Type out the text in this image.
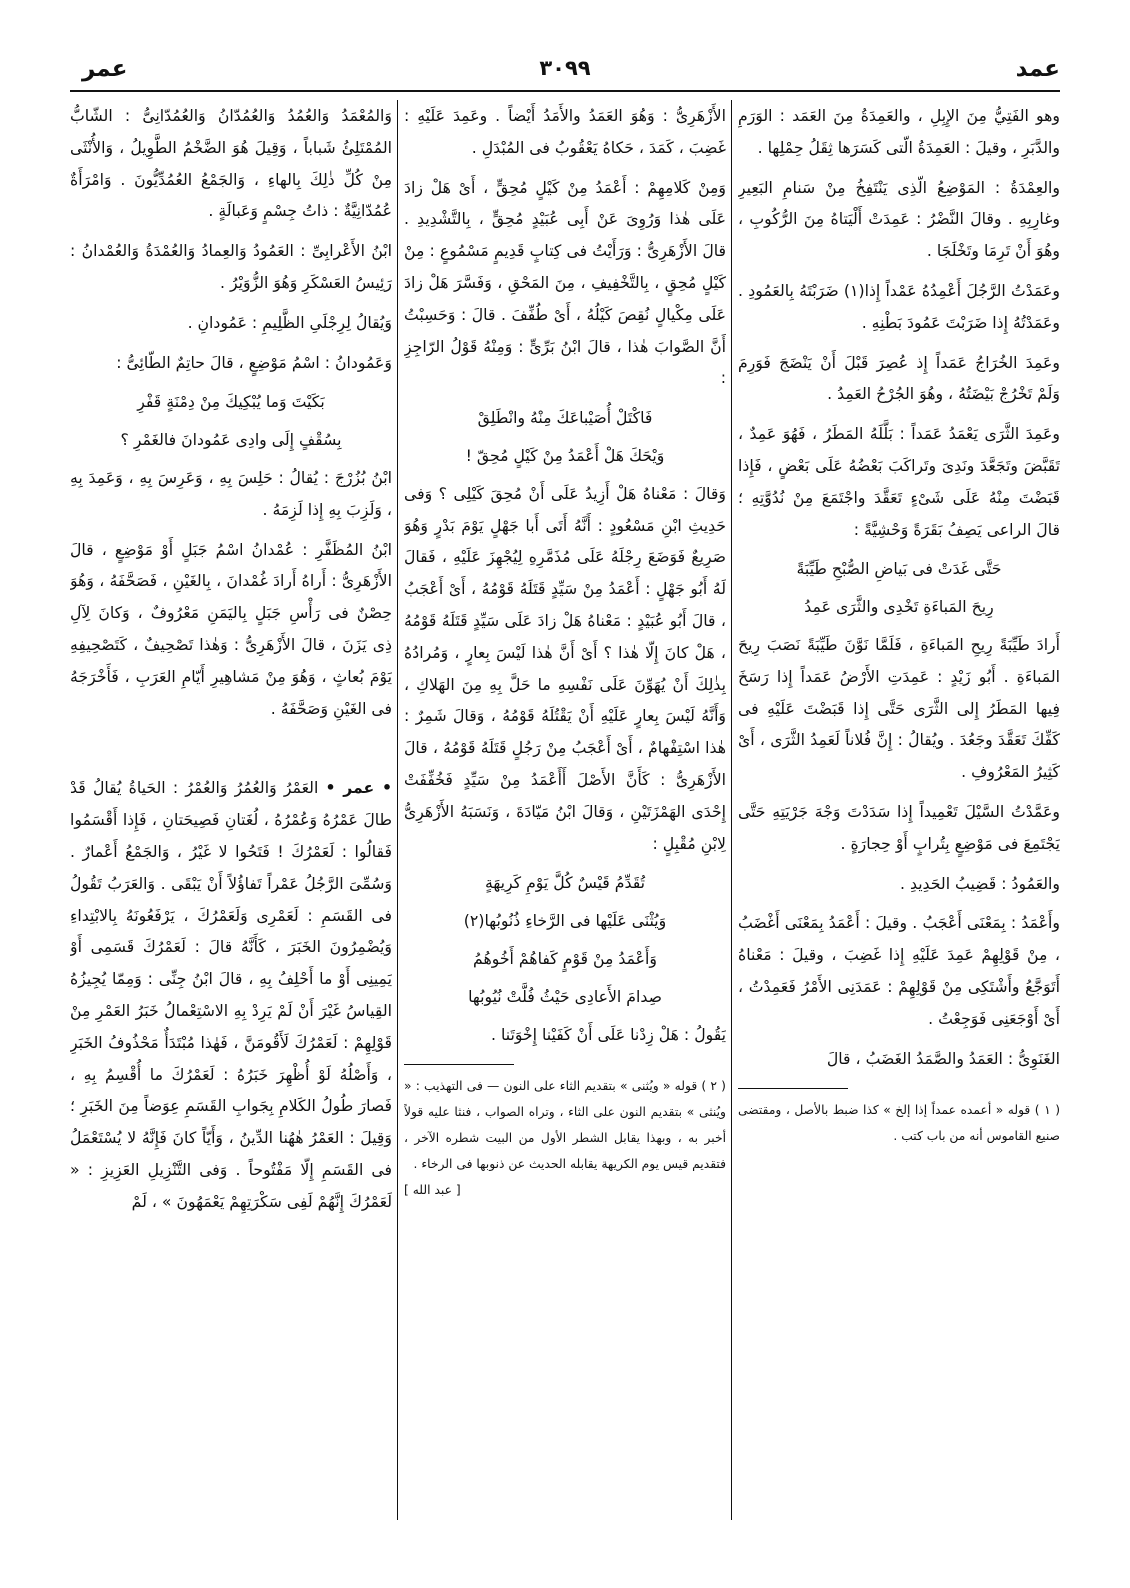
عمد
٣٠٩٩
عمر

وهو الفَتِيُّ مِنَ الإِبِلِ ، والعَمِدَةُ مِنَ العَمَد : الوَرَمِ والدَّبَرِ ، وقيلَ : العَمِدَةُ الّتى كَسَرَها ثِقَلُ حِمْلِها .

والعِمْدَةُ : المَوْضِعُ الّذِى يَنْتَفِخُ مِنْ سَنامِ البَعِيرِ وغارِبِهِ . وقالَ النَّضْرُ : عَمِدَتْ أَلْيَتاهُ مِنَ الرُّكُوبِ ، وهُوَ أَنْ تَرِمَا وتَخْلَجَا .

وعَمَدْتُ الرَّجُلَ أَعْمِدُهُ عَمْداً إِذا(١) ضَرَبْتَهُ بِالعَمُودِ . وعَمَدْتُهُ إِذا ضَرَبْتَ عَمُودَ بَطْنِهِ .

وعَمِدَ الخُرَاجُ عَمَداً إِذ عُصِرَ قَبْلَ أَنْ يَنْضَجَ فَوَرِمَ وَلَمْ تَخْرُجْ بَيْضَتُهُ ، وهُوَ الجُرْحُ العَمِدُ .

وعَمِدَ الثَّرَى يَعْمَدُ عَمَداً : بَلَّلَهُ المَطَرُ ، فَهُوَ عَمِدٌ ، تَقَبَّضَ وتَجَعَّدَ ونَدِىَ وتَراكَبَ بَعْضُهُ عَلَى بَعْضٍ ، فَإِذا قَبَضْتَ مِنْهُ عَلَى شَىْءٍ تَعَقَّدَ واجْتَمَعَ مِنْ نُدُوَّتِهِ ؛ قالَ الراعى يَصِفُ بَقَرَةً وَحْشِيَّةً :

حَتَّى غَدَتْ فى بَياضِ الصُّبْحِ طَيِّبَةً
رِيحَ المَباءَةِ تَخْدِى والثَّرَى عَمِدُ

أَرادَ طَيِّبَةً رِيحِ المَباءَةِ ، فَلَمَّا نَوَّنَ طَيِّبَةً نَصَبَ رِيحَ المَباءَةِ . أَبُو زَيْدٍ : عَمِدَتِ الأَرْضُ عَمَداً إِذا رَسَخَ فِيها المَطَرُ إِلى الثَّرَى حَتَّى إِذا قَبَضْتَ عَلَيْهِ فى كَفِّكَ تَعَقَّدَ وجَعُدَ . ويُقالُ : إِنَّ فُلاناً لَعَمِدُ الثَّرَى ، أَىْ كَثِيرُ المَعْرُوفِ .

وعَمَّدْتُ السَّيْلَ تَعْمِيداً إِذا سَدَدْتَ وَجْهَ جَرْيَتِهِ حَتَّى يَجْتَمِعَ فى مَوْضِعٍ بِتُرابٍ أَوْ حِجارَةٍ .

والعَمُودُ : قَضِيبُ الحَدِيدِ .

وأَعْمَدُ : بِمَعْنَى أَعْجَبُ . وقيلَ : أَعْمَدُ بِمَعْنَى أَغْضَبُ ، مِنْ قَوْلِهِمْ عَمِدَ عَلَيْهِ إِذا غَضِبَ ، وقيلَ : مَعْناهُ أَتَوَجَّعُ وأَشْتَكِى مِنْ قَوْلِهِمْ : عَمَدَنِى الأَمْرُ فَعَمِدْتُ ، أَىْ أَوْجَعَنِى فَوَجِعْتُ .

الغَنَوِىُّ : العَمَدُ والصَّمَدُ الغَضَبُ ، قالَ

( ١ ) قوله « أعمده عمداً إذا إلخ » كذا ضبط بالأصل ، ومقتضى صنيع القاموس أنه من باب كتب .

الأَزْهَرِىُّ : وَهُوَ العَمَدُ والأَمَدُ أَيْضاً . وعَمِدَ عَلَيْهِ : غَضِبَ ، كَمَدَ ، حَكاهُ يَعْقُوبُ فى المُبْدَلِ .

وَمِنْ كَلامِهِمْ : أَعْمَدُ مِنْ كَيْلٍ مُحِقٍّ ، أَىْ هَلْ زادَ عَلَى هٰذا وَرُوِىَ عَنْ أَبِى عُبَيْدٍ مُحِقٍّ ، بِالتَّشْدِيدِ . قالَ الأَزْهَرِىُّ : وَرَأَيْتُ فى كِتابٍ قَدِيمٍ مَسْمُوعٍ : مِنْ كَيْلٍ مُحِقٍ ، بِالتَّخْفِيفِ ، مِنَ المَحْقِ ، وَفَسَّرَ هَلْ زادَ عَلَى مِكْيالٍ نُقِصَ كَيْلُهُ ، أَىْ طُفِّفَ . قالَ : وَحَسِبْتُ أَنَّ الصَّوابَ هٰذا ، قالَ ابْنُ بَرِّىٍّ : وَمِنْهُ قَوْلُ الرّاجِزِ :

فَاكْتَلْ أُصَيْباعَكَ مِنْهُ وانْطَلِقْ
وَيْحَكَ هَلْ أَعْمَدُ مِنْ كَيْلٍ مُحِقّ !

وَقالَ : مَعْناهُ هَلْ أَزِيدُ عَلَى أَنْ مُحِقَ كَيْلِى ؟ وَفى حَدِيثِ ابْنِ مَسْعُودٍ : أَنَّهُ أَتَى أَبا جَهْلٍ يَوْمَ بَدْرٍ وَهُوَ صَرِيعٌ فَوَضَعَ رِجْلَهُ عَلَى مُذَمَّرِهِ لِيُجْهِزَ عَلَيْهِ ، فَقالَ لَهُ أَبُو جَهْلٍ : أَعْمَدُ مِنْ سَيِّدٍ قَتَلَهُ قَوْمُهُ ، أَىْ أَعْجَبُ ، قالَ أَبُو عُبَيْدٍ : مَعْناهُ هَلْ زادَ عَلَى سَيِّدٍ قَتَلَهُ قَوْمُهُ ، هَلْ كانَ إِلّا هٰذا ؟ أَىْ أَنَّ هٰذا لَيْسَ بِعارٍ ، وَمُرادُهُ بِذٰلِكَ أَنْ يُهَوِّنَ عَلَى نَفْسِهِ ما حَلَّ بِهِ مِنَ الهَلاكِ ، وَأَنَّهُ لَيْسَ بِعارٍ عَلَيْهِ أَنْ يَقْتُلَهُ قَوْمُهُ ، وَقالَ شَمِرٌ : هٰذا اسْتِفْهامٌ ، أَىْ أَعْجَبُ مِنْ رَجُلٍ قَتَلَهُ قَوْمُهُ ، قالَ الأَزْهَرِىُّ : كَأَنَّ الأَصْلَ أَأَعْمَدُ مِنْ سَيِّدٍ فَخُفِّفَتْ إِحْدَى الهَمْزَتَيْنِ ، وَقالَ ابْنُ مَيّادَةَ ، وَنَسَبَهُ الأَزْهَرِىُّ لِابْنِ مُقْبِلٍ :

تُقَدِّمُ قَيْسٌ كُلَّ يَوْمِ كَرِيهَةٍ
وَيُثْنَى عَلَيْها فى الرَّخاءِ ذُنُوبُها(٢)
وَأَعْمَدُ مِنْ قَوْمٍ كَفاهُمْ أَخُوهُمُ
صِدامَ الأَعادِى حَيْثُ فُلَّتْ نُيُوبُها

يَقُولُ : هَلْ زِدْنا عَلَى أَنْ كَفَيْنا إِخْوَتَنا .

( ٢ ) قوله « ويُثنى » بتقديم الثاء على النون — فى التهذيب : « ويُنثى » بتقديم النون على الثاء ، وتراه الصواب ، فنثا عليه قولاً أخبر به ، وبهذا يقابل الشطر الأول من البيت شطره الآخر ، فتقديم قيس يوم الكريهة يقابله الحديث عن ذنوبها فى الرخاء .
[ عبد الله ]

وَالمُعْمَدُ وَالعُمُدُ وَالعُمُدّانُ وَالعُمُدّانِىُّ : الشّابُّ المُمْتَلِئُ شَباباً ، وَقِيلَ هُوَ الضَّخْمُ الطَّوِيلُ ، وَالأُنْثَى مِنْ كُلِّ ذٰلِكَ بِالهاءِ ، وَالجَمْعُ العُمُدِّيُّونَ . وَامْرَأَةٌ عُمُدّانِيَّةٌ : ذاتُ جِسْمٍ وَعَبالَةٍ .

ابْنُ الأَعْرابِىِّ : العَمُودُ وَالعِمادُ وَالعُمْدَةُ وَالعُمْدانُ : رَئِيسُ العَسْكَرِ وَهُوَ الزُّوَيْرُ .

وَيُقالُ لِرِجْلَىِ الظَّلِيمِ : عَمُودانِ .

وَعَمُودانُ : اسْمُ مَوْضِعٍ ، قالَ حاتِمٌ الطّائِىُّ :

بَكَيْتَ وَما يُبْكِيكَ مِنْ دِمْنَةٍ قَفْرِ
بِسُقْفٍ إِلَى وادِى عَمُودانَ فالغَمْرِ ؟

ابْنُ بُزُرْجَ : يُقالُ : حَلِسَ بِهِ ، وَعَرِسَ بِهِ ، وَعَمِدَ بِهِ ، وَلَزِبَ بِهِ إِذا لَزِمَهُ .

ابْنُ المُظَفَّرِ : عُمْدانُ اسْمُ جَبَلٍ أَوْ مَوْضِعٍ ، قالَ الأَزْهَرِىُّ : أَراهُ أَرادَ غُمْدانَ ، بِالغَيْنِ ، فَصَحَّفَهُ ، وَهُوَ حِصْنٌ فى رَأْسِ جَبَلٍ بِاليَمَنِ مَعْرُوفٌ ، وَكانَ لِآلِ ذِى يَزَنَ ، قالَ الأَزْهَرِىُّ : وَهٰذا تَصْحِيفٌ ، كَتَصْحِيفِهِ يَوْمَ بُعاثٍ ، وَهُوَ مِنْ مَشاهِيرِ أَيّامِ العَرَبِ ، فَأَخْرَجَهُ فى الغَيْنِ وَصَحَّفَهُ .

• عمر • العَمْرُ وَالعُمُرُ وَالعُمْرُ : الحَياةُ يُقالُ قَدْ طالَ عَمْرُهُ وَعُمْرُهُ ، لُغَتانِ فَصِيحَتانِ ، فَإِذا أَقْسَمُوا فَقالُوا : لَعَمْرُكَ ! فَتَحُوا لا غَيْرُ ، وَالجَمْعُ أَعْمارٌ . وَسُمِّىَ الرَّجُلُ عَمْراً تَفاؤُلاً أَنْ يَبْقَى . وَالعَرَبُ تَقُولُ فى القَسَمِ : لَعَمْرِى وَلَعَمْرُكَ ، يَرْفَعُونَهُ بِالابْتِداءِ وَيُضْمِرُونَ الخَبَرَ ، كَأَنَّهُ قالَ : لَعَمْرُكَ قَسَمِى أَوْ يَمِينِى أَوْ ما أَحْلِفُ بِهِ ، قالَ ابْنُ جِنِّى : وَمِمّا يُجِيزُهُ القِياسُ غَيْرَ أَنْ لَمْ يَرِدْ بِهِ الاسْتِعْمالُ خَبَرُ العَمْرِ مِنْ قَوْلِهِمْ : لَعَمْرُكَ لَأَقُومَنَّ ، فَهٰذا مُبْتَدَأٌ مَحْذُوفُ الخَبَرِ ، وَأَصْلُهُ لَوْ أُظْهِرَ خَبَرُهُ : لَعَمْرُكَ ما أُقْسِمُ بِهِ ، فَصارَ طُولُ الكَلامِ بِجَوابِ القَسَمِ عِوَضاً مِنَ الخَبَرِ ؛ وَقِيلَ : العَمْرُ هٰهُنا الدِّينُ ، وَأَيّاً كانَ فَإِنَّهُ لا يُسْتَعْمَلُ فى القَسَمِ إِلّا مَفْتُوحاً . وَفى التَّنْزِيلِ العَزِيزِ : « لَعَمْرُكَ إِنَّهُمْ لَفِى سَكْرَتِهِمْ يَعْمَهُونَ » ، لَمْ
